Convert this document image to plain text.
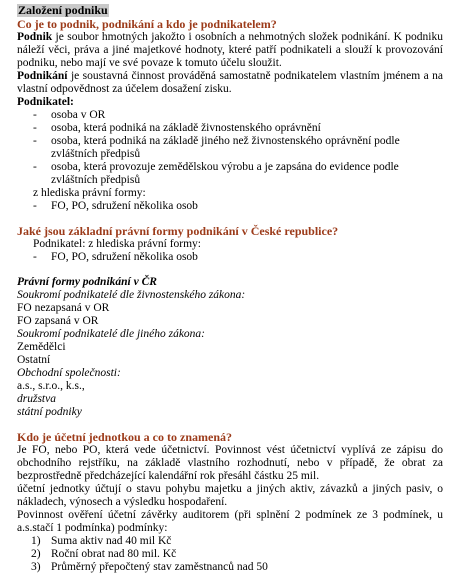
Založení podniku

Co je to podnik, podnikání a kdo je podnikatelem?

Podnik je soubor hmotných jakožto i osobních a nehmotných složek podnikání. K podniku náleží věci, práva a jiné majetkové hodnoty, které patří podnikateli a slouží k provozování podniku, nebo mají ve své povaze k tomuto účelu sloužit.

Podnikání je soustavná činnost prováděná samostatně podnikatelem vlastním jménem a na vlastní odpovědnost za účelem dosažení zisku.

Podnikatel:

- osoba v OR
- osoba, která podniká na základě živnostenského oprávnění
- osoba, která podniká na základě jiného než živnostenského oprávnění podle zvláštních předpisů
- osoba, která provozuje zemědělskou výrobu a je zapsána do evidence podle zvláštních předpisů

z hlediska právní formy:

- FO, PO, sdružení několika osob

Jaké jsou základní právní formy podnikání v České republice?

Podnikatel: z hlediska právní formy:

- FO, PO, sdružení několika osob

Právní formy podnikání v ČR

Soukromí podnikatelé dle živnostenského zákona:

FO nezapsaná v OR

FO zapsaná v OR

Soukromí podnikatelé dle jiného zákona:

Zemědělci

Ostatní

Obchodní společnosti:

a.s., s.r.o., k.s.,

družstva

státní podniky

Kdo je účetní jednotkou a co to znamená?

Je FO, nebo PO, která vede účetnictví. Povinnost vést účetnictví vyplívá ze zápisu do obchodního rejstříku, na základě vlastního rozhodnutí, nebo v případě, že obrat za bezprostředně předcházející kalendářní rok přesáhl částku 25 mil.

účetní jednotky účtují o stavu pohybu majetku a jiných aktiv, závazků a jiných pasiv, o nákladech, výnosech a výsledku hospodaření.

Povinnost ověření účetní závěrky auditorem (při splnění 2 podmínek ze 3 podmínek, u a.s.stačí 1 podmínka) podmínky:

1) Suma aktiv nad 40 mil Kč
2) Roční obrat nad 80 mil. Kč
3) Průměrný přepočtený stav zaměstnanců nad 50
